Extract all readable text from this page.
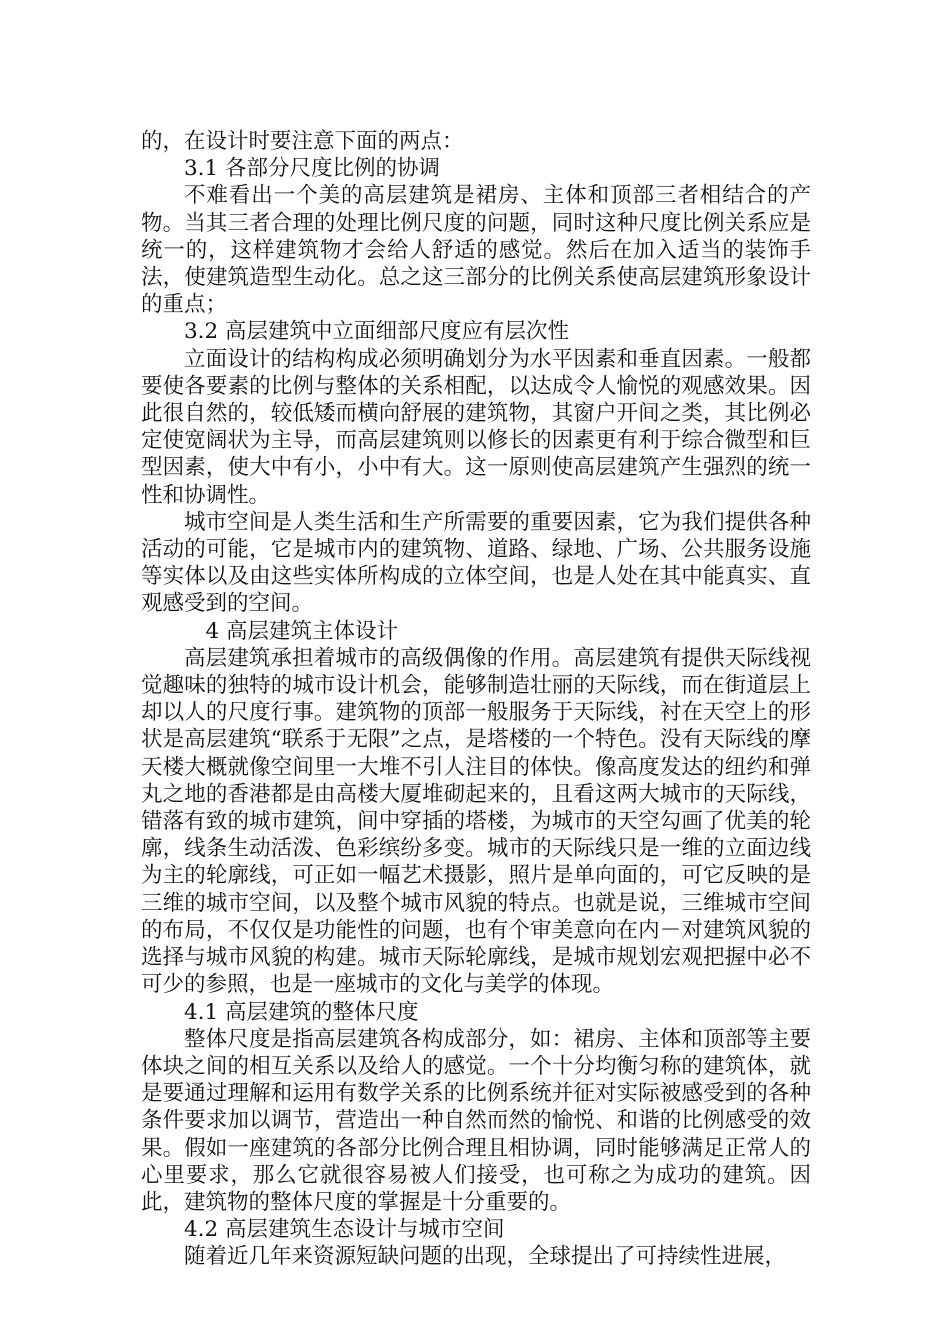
的，在设计时要注意下面的两点：

3.1 各部分尺度比例的协调

不难看出一个美的高层建筑是裙房、主体和顶部三者相结合的产物。当其三者合理的处理比例尺度的问题，同时这种尺度比例关系应是统一的，这样建筑物才会给人舒适的感觉。然后在加入适当的装饰手法，使建筑造型生动化。总之这三部分的比例关系使高层建筑形象设计的重点；

3.2 高层建筑中立面细部尺度应有层次性

立面设计的结构构成必须明确划分为水平因素和垂直因素。一般都要使各要素的比例与整体的关系相配，以达成令人愉悦的观感效果。因此很自然的，较低矮而横向舒展的建筑物，其窗户开间之类，其比例必定使宽阔状为主导，而高层建筑则以修长的因素更有利于综合微型和巨型因素，使大中有小，小中有大。这一原则使高层建筑产生强烈的统一性和协调性。

城市空间是人类生活和生产所需要的重要因素，它为我们提供各种活动的可能，它是城市内的建筑物、道路、绿地、广场、公共服务设施等实体以及由这些实体所构成的立体空间，也是人处在其中能真实、直观感受到的空间。

4 高层建筑主体设计

高层建筑承担着城市的高级偶像的作用。高层建筑有提供天际线视觉趣味的独特的城市设计机会，能够制造壮丽的天际线，而在街道层上却以人的尺度行事。建筑物的顶部一般服务于天际线，衬在天空上的形状是高层建筑“联系于无限”之点，是塔楼的一个特色。没有天际线的摩天楼大概就像空间里一大堆不引人注目的体快。像高度发达的纽约和弹丸之地的香港都是由高楼大厦堆砌起来的，且看这两大城市的天际线，错落有致的城市建筑，间中穿插的塔楼，为城市的天空勾画了优美的轮廓，线条生动活泼、色彩缤纷多变。城市的天际线只是一维的立面边线为主的轮廓线，可正如一幅艺术摄影，照片是单向面的，可它反映的是三维的城市空间，以及整个城市风貌的特点。也就是说，三维城市空间的布局，不仅仅是功能性的问题，也有个审美意向在内－对建筑风貌的选择与城市风貌的构建。城市天际轮廓线，是城市规划宏观把握中必不可少的参照，也是一座城市的文化与美学的体现。

4.1 高层建筑的整体尺度

整体尺度是指高层建筑各构成部分，如：裙房、主体和顶部等主要体块之间的相互关系以及给人的感觉。一个十分均衡匀称的建筑体，就是要通过理解和运用有数学关系的比例系统并征对实际被感受到的各种条件要求加以调节，营造出一种自然而然的愉悦、和谐的比例感受的效果。假如一座建筑的各部分比例合理且相协调，同时能够满足正常人的心里要求，那么它就很容易被人们接受，也可称之为成功的建筑。因此，建筑物的整体尺度的掌握是十分重要的。

4.2 高层建筑生态设计与城市空间

随着近几年来资源短缺问题的出现，全球提出了可持续性进展，
